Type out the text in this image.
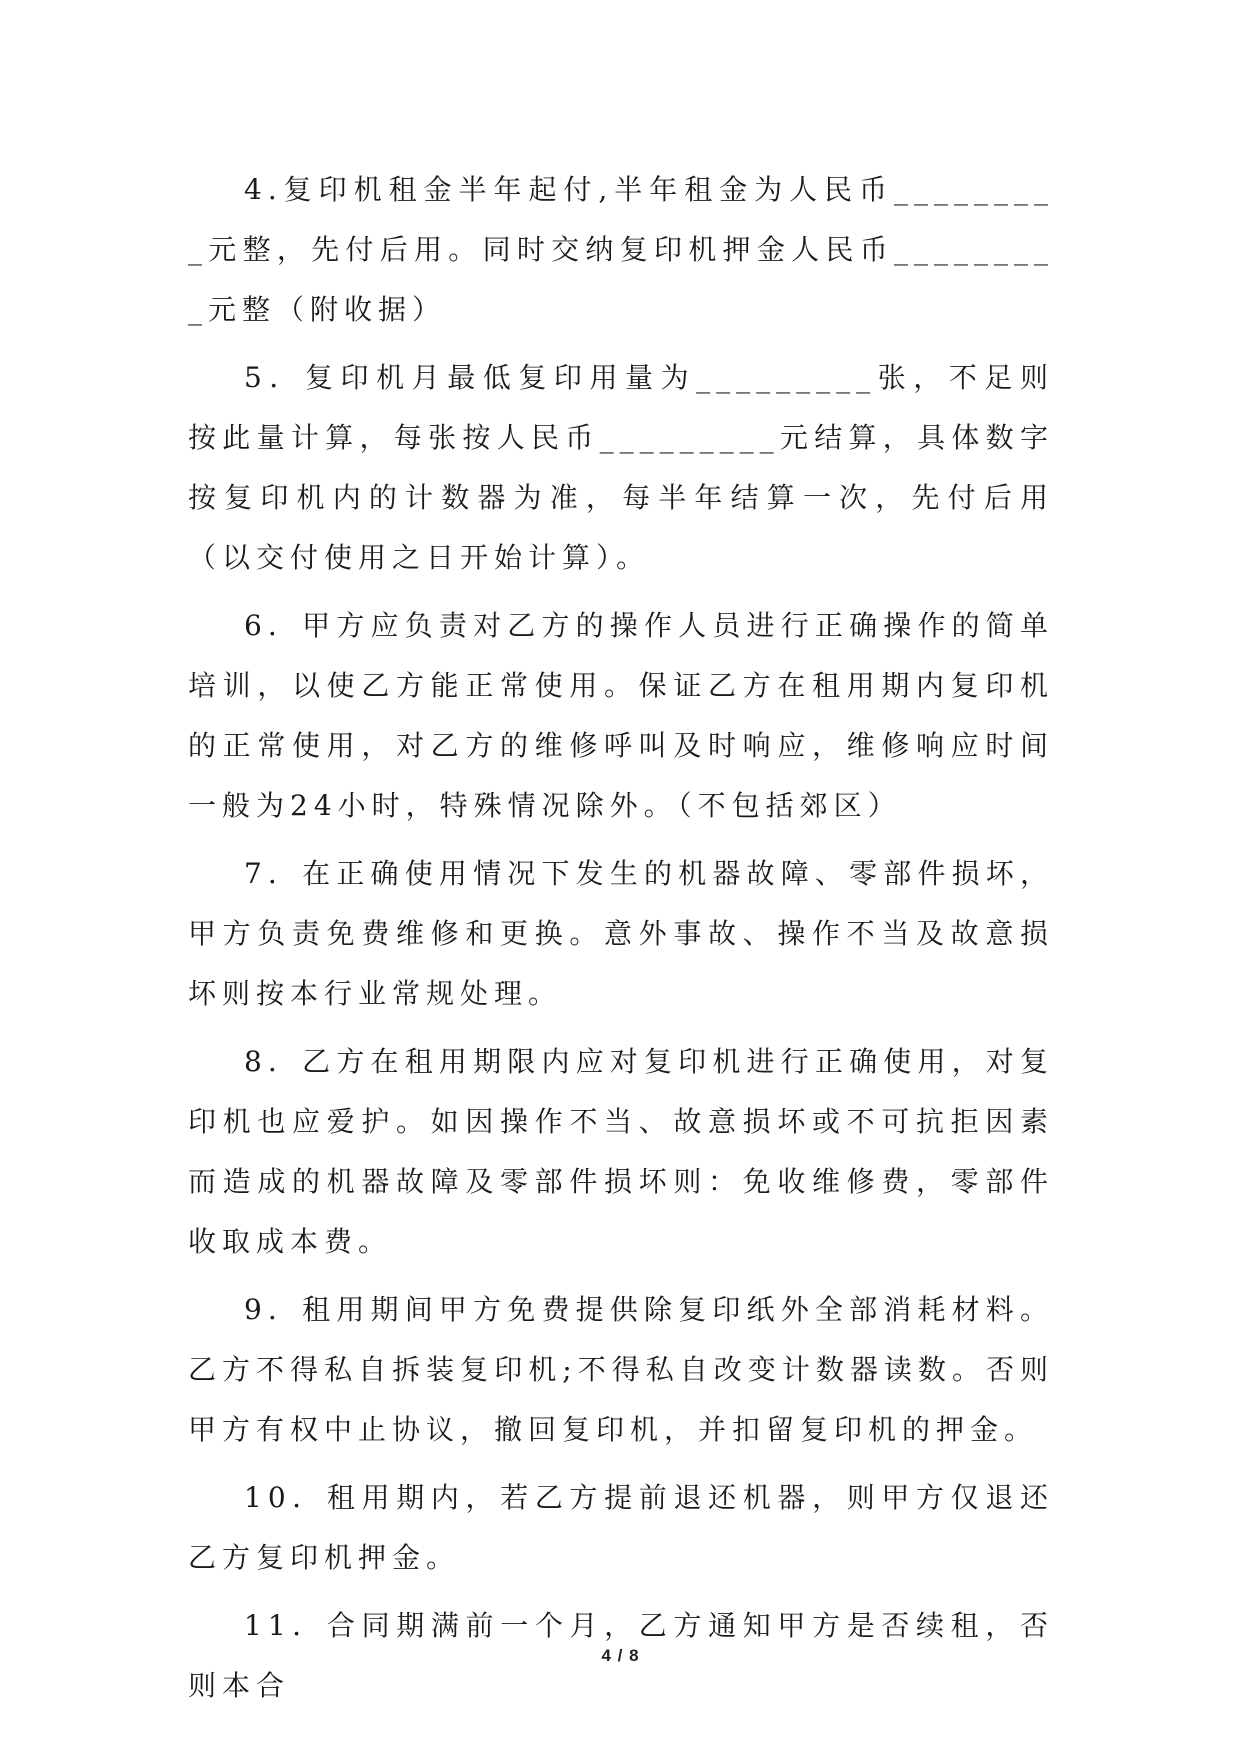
4.复印机租金半年起付,半年租金为人民币_________元整，先付后用。同时交纳复印机押金人民币_________元整（附收据）

5．复印机月最低复印用量为_________张，不足则按此量计算，每张按人民币_________元结算，具体数字按复印机内的计数器为准，每半年结算一次，先付后用（以交付使用之日开始计算）。

6．甲方应负责对乙方的操作人员进行正确操作的简单培训，以使乙方能正常使用。保证乙方在租用期内复印机的正常使用，对乙方的维修呼叫及时响应，维修响应时间一般为24小时，特殊情况除外。（不包括郊区）

7．在正确使用情况下发生的机器故障、零部件损坏，甲方负责免费维修和更换。意外事故、操作不当及故意损坏则按本行业常规处理。

8．乙方在租用期限内应对复印机进行正确使用，对复印机也应爱护。如因操作不当、故意损坏或不可抗拒因素而造成的机器故障及零部件损坏则：免收维修费，零部件收取成本费。

9．租用期间甲方免费提供除复印纸外全部消耗材料。乙方不得私自拆装复印机;不得私自改变计数器读数。否则甲方有权中止协议，撤回复印机，并扣留复印机的押金。

10．租用期内，若乙方提前退还机器，则甲方仅退还乙方复印机押金。

11．合同期满前一个月，乙方通知甲方是否续租，否则本合

4 / 8
